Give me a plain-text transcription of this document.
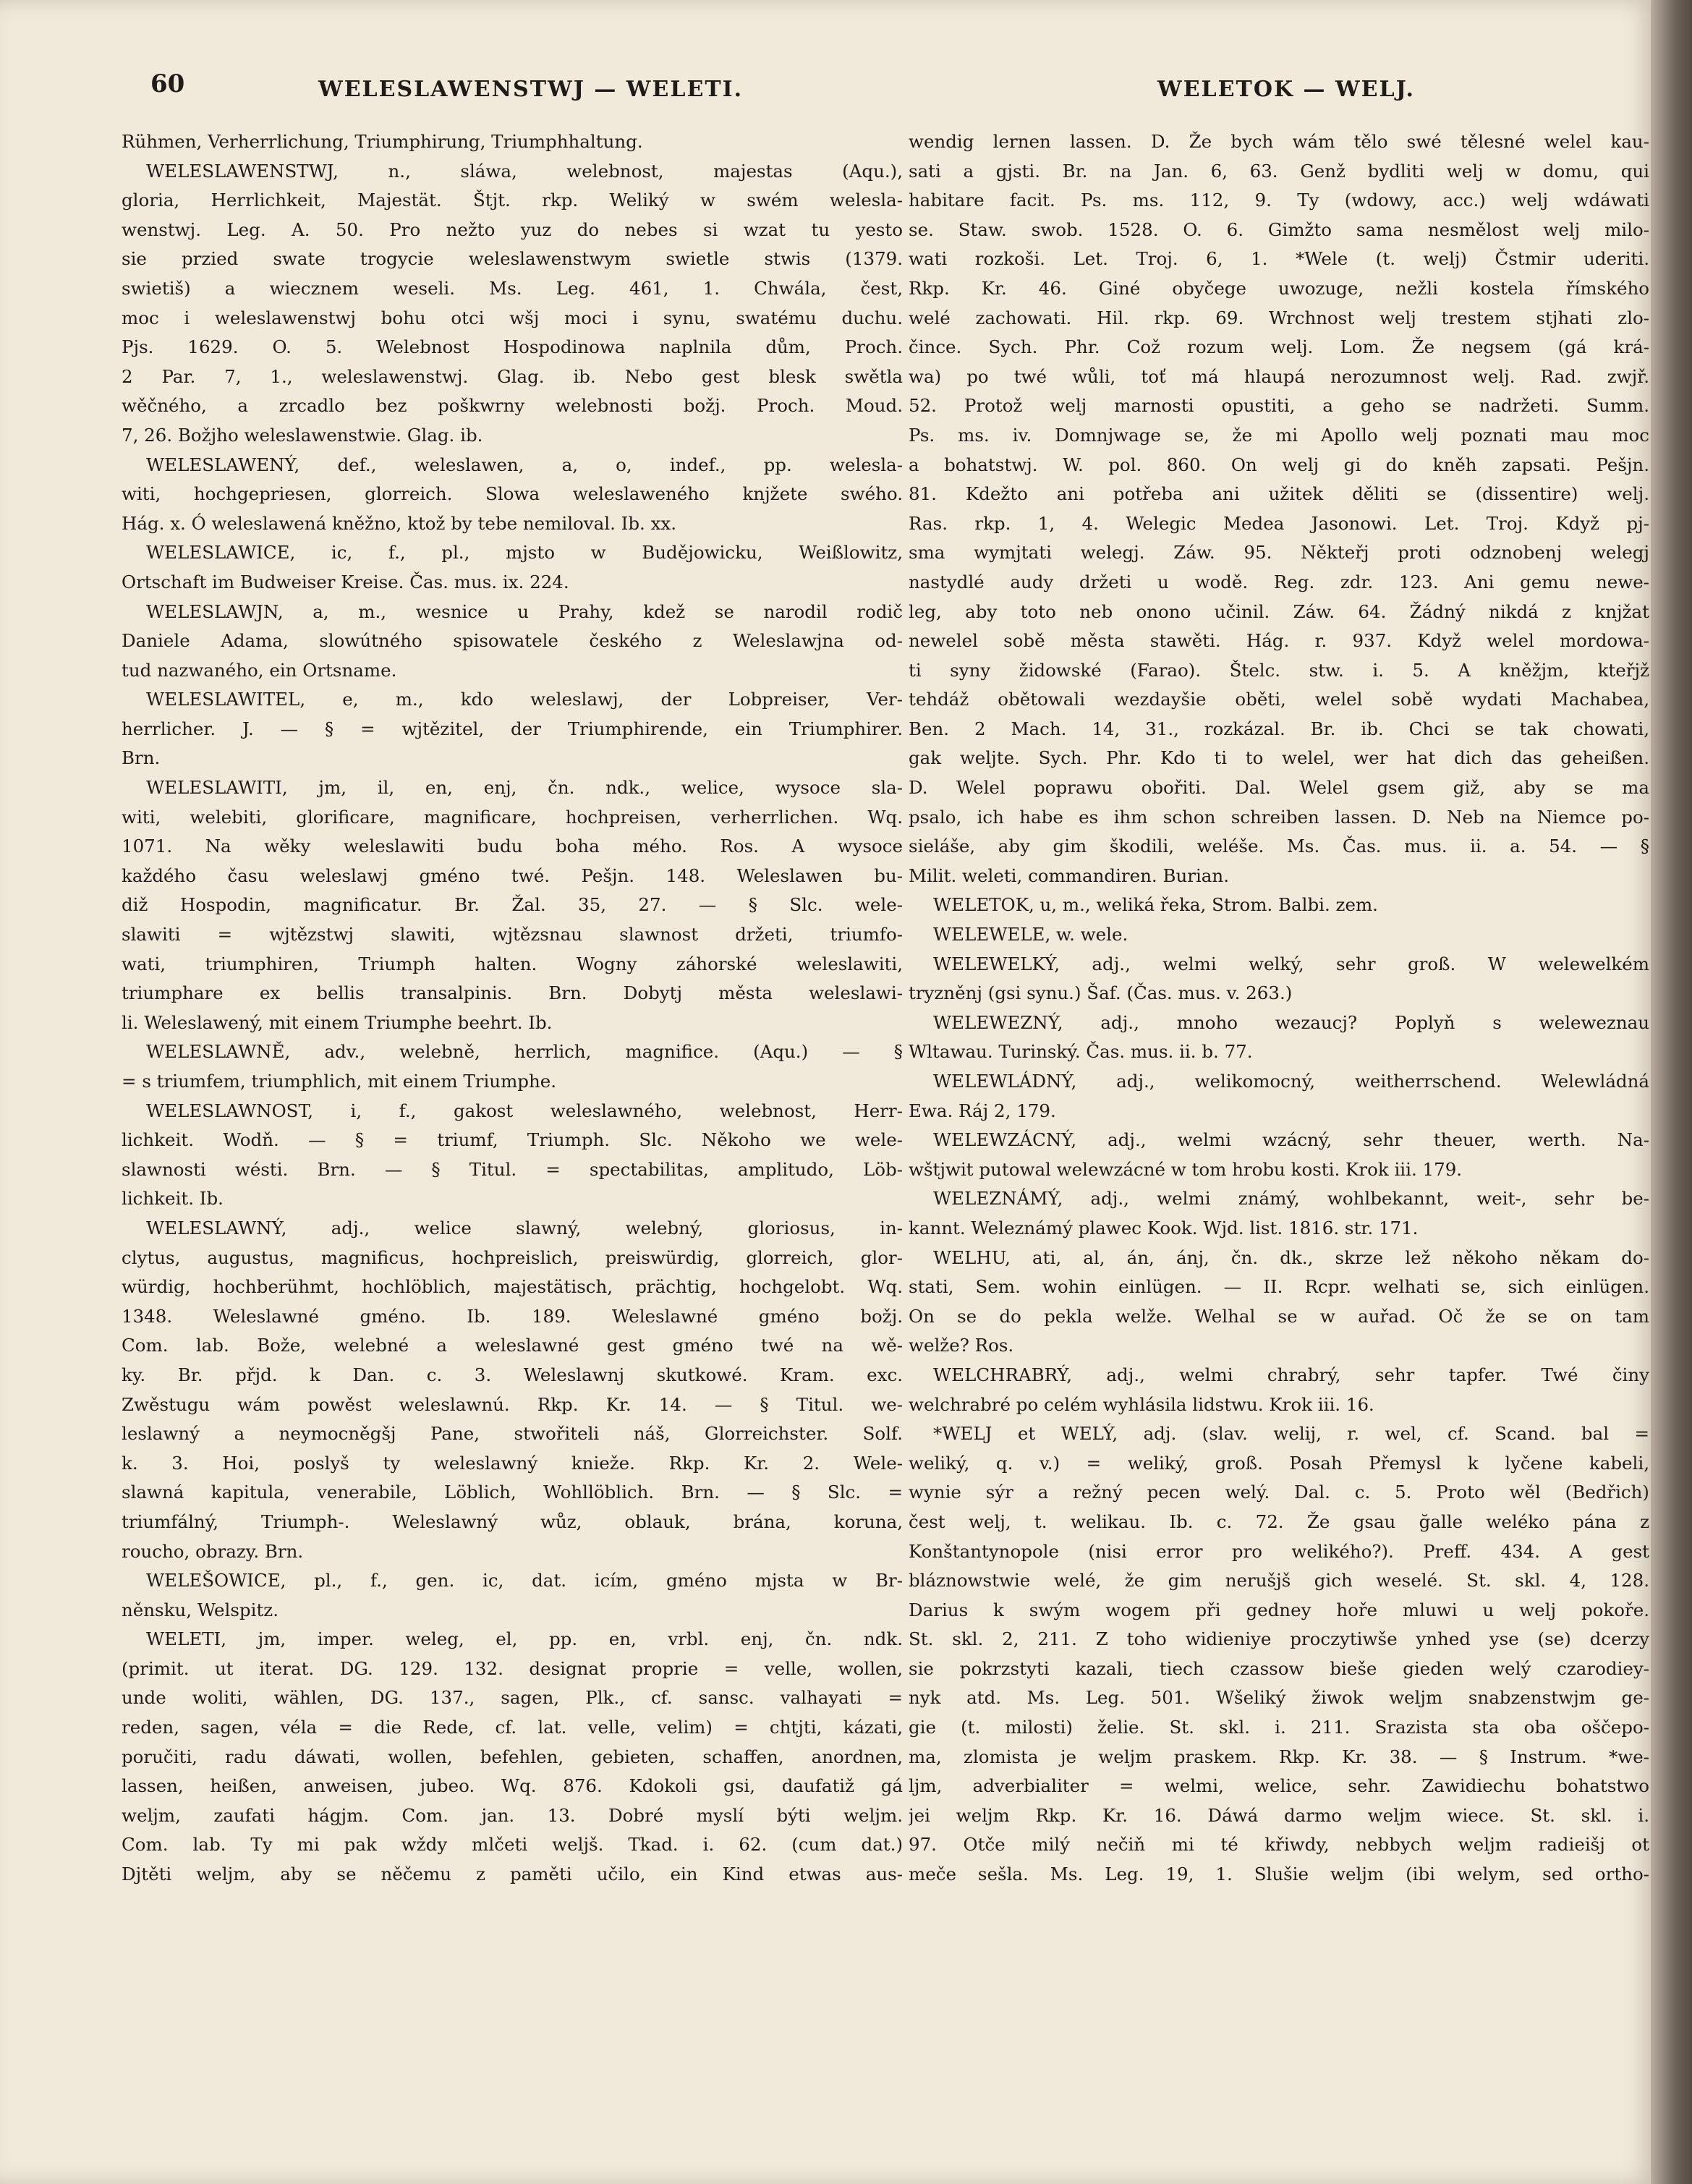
60	WELESLAWENSTWJ — WELETI.	WELETOK — WELJ.
Rühmen, Verherrlichung, Triumphirung, Triumphhaltung.
WELESLAWENSTWJ, n., sláwa, welebnost, majestas (Aqu.),
gloria, Herrlichkeit, Majestät. Štjt. rkp. Weliký w swém welesla-
wenstwj. Leg. A. 50. Pro nežto yuz do nebes si wzat tu yesto
sie przied swate trogycie weleslawenstwym swietle stwis (1379.
swietiš) a wiecznem weseli. Ms. Leg. 461, 1. Chwála, čest,
moc i weleslawenstwj bohu otci wšj moci i synu, swatému duchu.
Pjs. 1629. O. 5. Welebnost Hospodinowa naplnila dům, Proch.
2 Par. 7, 1., weleslawenstwj. Glag. ib. Nebo gest blesk swětla
wěčného, a zrcadlo bez poškwrny welebnosti božj. Proch. Moud.
7, 26. Božjho weleslawenstwie. Glag. ib.
WELESLAWENÝ, def., weleslawen, a, o, indef., pp. welesla-
witi, hochgepriesen, glorreich. Slowa weleslaweného knjžete swého.
Hág. x. Ó weleslawená kněžno, ktož by tebe nemiloval. Ib. xx.
WELESLAWICE, ic, f., pl., mjsto w Budějowicku, Weißlowitz,
Ortschaft im Budweiser Kreise. Čas. mus. ix. 224.
WELESLAWJN, a, m., wesnice u Prahy, kdež se narodil rodič
Daniele Adama, slowútného spisowatele českého z Weleslawjna od-
tud nazwaného, ein Ortsname.
WELESLAWITEL, e, m., kdo weleslawj, der Lobpreiser, Ver-
herrlicher. J. — § = wjtězitel, der Triumphirende, ein Triumphirer.
Brn.
WELESLAWITI, jm, il, en, enj, čn. ndk., welice, wysoce sla-
witi, welebiti, glorificare, magnificare, hochpreisen, verherrlichen. Wq.
1071. Na wěky weleslawiti budu boha mého. Ros. A wysoce
každého času weleslawj gméno twé. Pešjn. 148. Weleslawen bu-
diž Hospodin, magnificatur. Br. Žal. 35, 27. — § Slc. wele-
slawiti = wjtězstwj slawiti, wjtězsnau slawnost držeti, triumfo-
wati, triumphiren, Triumph halten. Wogny záhorské weleslawiti,
triumphare ex bellis transalpinis. Brn. Dobytj města weleslawi-
li. Weleslawený, mit einem Triumphe beehrt. Ib.
WELESLAWNĚ, adv., welebně, herrlich, magnifice. (Aqu.) — §
= s triumfem, triumphlich, mit einem Triumphe.
WELESLAWNOST, i, f., gakost weleslawného, welebnost, Herr-
lichkeit. Wodň. — § = triumf, Triumph. Slc. Někoho we wele-
slawnosti wésti. Brn. — § Titul. = spectabilitas, amplitudo, Löb-
lichkeit. Ib.
WELESLAWNÝ, adj., welice slawný, welebný, gloriosus, in-
clytus, augustus, magnificus, hochpreislich, preiswürdig, glorreich, glor-
würdig, hochberühmt, hochlöblich, majestätisch, prächtig, hochgelobt. Wq.
1348. Weleslawné gméno. Ib. 189. Weleslawné gméno božj.
Com. lab. Bože, welebné a weleslawné gest gméno twé na wě-
ky. Br. přjd. k Dan. c. 3. Weleslawnj skutkowé. Kram. exc.
Zwěstugu wám powěst weleslawnú. Rkp. Kr. 14. — § Titul. we-
leslawný a neymocněgšj Pane, stwořiteli náš, Glorreichster. Solf.
k. 3. Hoi, poslyš ty weleslawný knieže. Rkp. Kr. 2. Wele-
slawná kapitula, venerabile, Löblich, Wohllöblich. Brn. — § Slc. =
triumfálný, Triumph-. Weleslawný wůz, oblauk, brána, koruna,
roucho, obrazy. Brn.
WELEŠOWICE, pl., f., gen. ic, dat. icím, gméno mjsta w Br-
něnsku, Welspitz.
WELETI, jm, imper. weleg, el, pp. en, vrbl. enj, čn. ndk.
(primit. ut iterat. DG. 129. 132. designat proprie = velle, wollen,
unde woliti, wählen, DG. 137., sagen, Plk., cf. sansc. valhayati =
reden, sagen, véla = die Rede, cf. lat. velle, velim) = chtjti, kázati,
poručiti, radu dáwati, wollen, befehlen, gebieten, schaffen, anordnen,
lassen, heißen, anweisen, jubeo. Wq. 876. Kdokoli gsi, daufatiž gá
weljm, zaufati hágjm. Com. jan. 13. Dobré myslí býti weljm.
Com. lab. Ty mi pak wždy mlčeti welјš. Tkad. i. 62. (cum dat.)
Djtěti weljm, aby se něčemu z paměti učilo, ein Kind etwas aus-
wendig lernen lassen. D. Že bych wám tělo swé tělesné welel kau-
sati a gjsti. Br. na Jan. 6, 63. Genž bydliti welj w domu, qui
habitare facit. Ps. ms. 112, 9. Ty (wdowy, acc.) welj wdáwati
se. Staw. swob. 1528. O. 6. Gimžto sama nesmělost welj milo-
wati rozkoši. Let. Troj. 6, 1. *Wele (t. welj) Čstmir uderiti.
Rkp. Kr. 46. Giné obyčege uwozuge, nežli kostela římského
welé zachowati. Hil. rkp. 69. Wrchnost welj trestem stjhati zlo-
čince. Sych. Phr. Což rozum welj. Lom. Že negsem (gá krá-
wa) po twé wůli, toť má hlaupá nerozumnost welj. Rad. zwjř.
52. Protož welj marnosti opustiti, a geho se nadržeti. Summ.
Ps. ms. iv. Domnjwage se, že mi Apollo welj poznati mau moc
a bohatstwj. W. pol. 860. On welj gi do kněh zapsati. Pešjn.
81. Kdežto ani potřeba ani užitek děliti se (dissentire) welj.
Ras. rkp. 1, 4. Welegic Medea Jasonowi. Let. Troj. Když pj-
sma wymjtati welegj. Záw. 95. Někteřj proti odznobenj welegj
nastydlé audy držeti u wodě. Reg. zdr. 123. Ani gemu newe-
leg, aby toto neb onono učinil. Záw. 64. Žádný nikdá z knjžat
newelel sobě města stawěti. Hág. r. 937. Když welel mordowa-
ti syny židowské (Farao). Štelc. stw. i. 5. A kněžjm, kteřjž
tehdáž obětowali wezdayšie oběti, welel sobě wydati Machabea,
Ben. 2 Mach. 14, 31., rozkázal. Br. ib. Chci se tak chowati,
gak weljte. Sych. Phr. Kdo ti to welel, wer hat dich das geheißen.
D. Welel poprawu obořiti. Dal. Welel gsem giž, aby se ma
psalo, ich habe es ihm schon schreiben lassen. D. Neb na Niemce po-
sieláše, aby gim škodili, weléše. Ms. Čas. mus. ii. a. 54. — §
Milit. weleti, commandiren. Burian.
WELETOK, u, m., weliká řeka, Strom. Balbi. zem.
WELEWELE, w. wele.
WELEWELKÝ, adj., welmi welký, sehr groß. W welewelkém
tryzněnj (gsi synu.) Šaf. (Čas. mus. v. 263.)
WELEWEZNÝ, adj., mnoho wezaucj? Poplyň s weleweznau
Wltawau. Turinský. Čas. mus. ii. b. 77.
WELEWLÁDNÝ, adj., welikomocný, weitherrschend. Welewládná
Ewa. Ráj 2, 179.
WELEWZÁCNÝ, adj., welmi wzácný, sehr theuer, werth. Na-
wštjwit putowal welewzácné w tom hrobu kosti. Krok iii. 179.
WELEZNÁMÝ, adj., welmi známý, wohlbekannt, weit-, sehr be-
kannt. Weleznámý plawec Kook. Wjd. list. 1816. str. 171.
WELHU, ati, al, án, ánj, čn. dk., skrze lež někoho někam do-
stati, Sem. wohin einlügen. — II. Rcpr. welhati se, sich einlügen.
On se do pekla welže. Welhal se w auřad. Oč že se on tam
welže? Ros.
WELCHRABRÝ, adj., welmi chrabrý, sehr tapfer. Twé činy
welchrabré po celém wyhlásila lidstwu. Krok iii. 16.
*WELJ et WELÝ, adj. (slav. welij, r. wel, cf. Scand. bal =
weliký, q. v.) = weliký, groß. Posah Přemysl k lyčene kabeli,
wynie sýr a režný pecen welý. Dal. c. 5. Proto wěl (Bedřich)
čest welj, t. welikau. Ib. c. 72. Že gsau ğalle weléko pána z
Konštantynopole (nisi error pro welikého?). Preff. 434. A gest
bláznowstwie welé, že gim nerušjš gich weselé. St. skl. 4, 128.
Darius k swým wogem při gedney hoře mluwi u welj pokoře.
St. skl. 2, 211. Z toho widieniye proczytiwše ynhed yse (se) dcerzy
sie pokrzstyti kazali, tiech czassow bieše gieden welý czarodiey-
nyk atd. Ms. Leg. 501. Wšeliký žiwok weljm snabzenstwjm ge-
gie (t. milosti) želie. St. skl. i. 211. Srazista sta oba oščepo-
ma, zlomista je weljm praskem. Rkp. Kr. 38. — § Instrum. *we-
ljm, adverbialiter = welmi, welice, sehr. Zawidiechu bohatstwo
jei weljm Rkp. Kr. 16. Dáwá darmo weljm wiece. St. skl. i.
97. Otče milý nečiň mi té křiwdy, nebbych weljm radieišj ot
meče sešla. Ms. Leg. 19, 1. Slušie weljm (ibi welym, sed ortho-
